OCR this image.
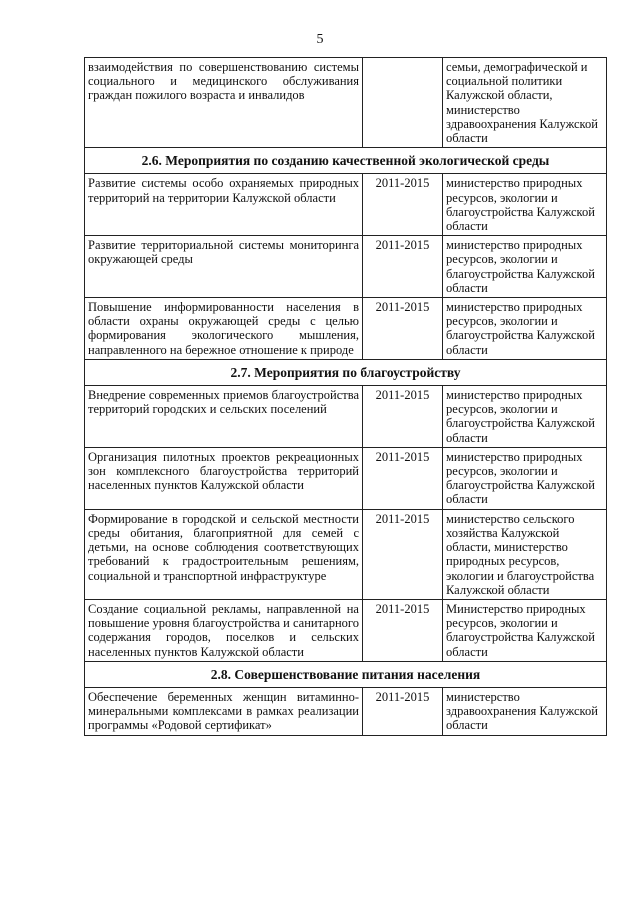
5
взаимодействия по совершенствованию системы социального и медицинского обслуживания граждан пожилого возраста и инвалидов		семьи, демографической и социальной политики Калужской области, министерство здравоохранения Калужской области
2.6. Мероприятия по созданию качественной экологической среды		
Развитие системы особо охраняемых природных территорий на территории Калужской области	2011-2015	министерство природных ресурсов, экологии и благоустройства Калужской области
Развитие территориальной системы мониторинга окружающей среды	2011-2015	министерство природных ресурсов, экологии и благоустройства Калужской области
Повышение информированности населения в области охраны окружающей среды с целью формирования экологического мышления, направленного на бережное отношение к природе	2011-2015	министерство природных ресурсов, экологии и благоустройства Калужской области
2.7. Мероприятия по благоустройству		
Внедрение современных приемов благоустройства территорий городских и сельских поселений	2011-2015	министерство природных ресурсов, экологии и благоустройства Калужской области
Организация пилотных проектов рекреационных зон комплексного благоустройства территорий населенных пунктов Калужской области	2011-2015	министерство природных ресурсов, экологии и благоустройства Калужской области
Формирование в городской и сельской местности среды обитания, благоприятной для семей с детьми, на основе соблюдения соответствующих требований к градостроительным решениям, социальной и транспортной инфраструктуре	2011-2015	министерство сельского хозяйства Калужской области, министерство природных ресурсов, экологии и благоустройства Калужской области
Создание социальной рекламы, направленной на повышение уровня благоустройства и санитарного содержания городов, поселков и сельских населенных пунктов Калужской области	2011-2015	Министерство природных ресурсов, экологии и благоустройства Калужской области
2.8. Совершенствование питания населения		
Обеспечение беременных женщин витаминно-минеральными комплексами в рамках реализации программы «Родовой сертификат»	2011-2015	министерство здравоохранения Калужской области
